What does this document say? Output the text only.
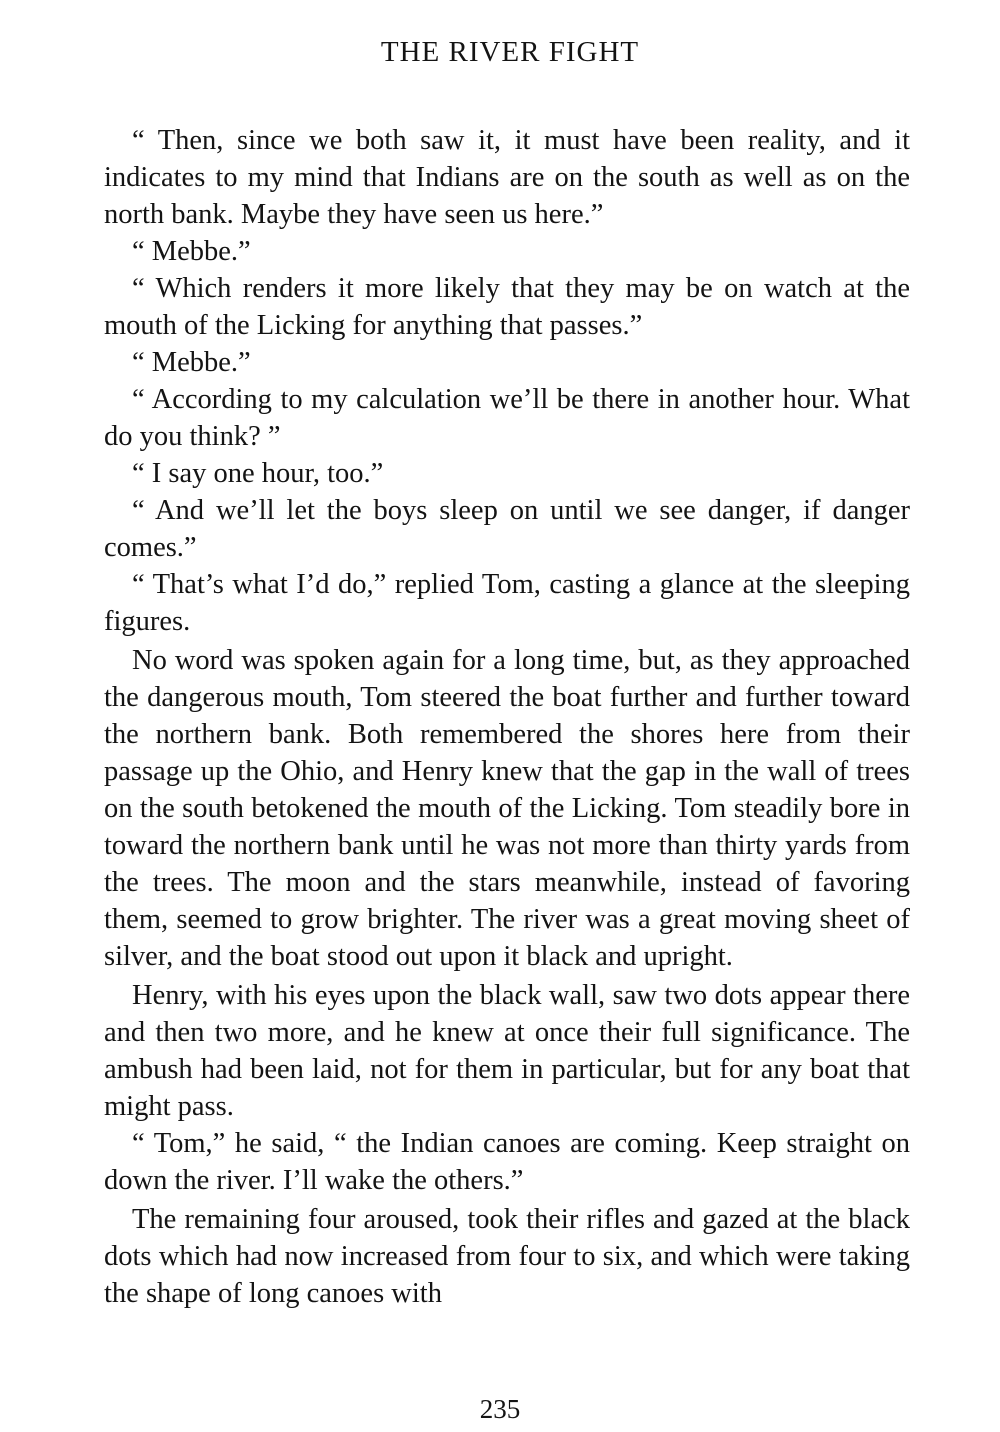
THE RIVER FIGHT

“ Then, since we both saw it, it must have been reality, and it indicates to my mind that Indians are on the south as well as on the north bank. Maybe they have seen us here.”

“ Mebbe.”

“ Which renders it more likely that they may be on watch at the mouth of the Licking for anything that passes.”

“ Mebbe.”

“ According to my calculation we’ll be there in another hour. What do you think? ”

“ I say one hour, too.”

“ And we’ll let the boys sleep on until we see danger, if danger comes.”

“ That’s what I’d do,” replied Tom, casting a glance at the sleeping figures.

No word was spoken again for a long time, but, as they approached the dangerous mouth, Tom steered the boat further and further toward the northern bank. Both remembered the shores here from their passage up the Ohio, and Henry knew that the gap in the wall of trees on the south betokened the mouth of the Licking. Tom steadily bore in toward the northern bank until he was not more than thirty yards from the trees. The moon and the stars meanwhile, instead of favoring them, seemed to grow brighter. The river was a great moving sheet of silver, and the boat stood out upon it black and upright.

Henry, with his eyes upon the black wall, saw two dots appear there and then two more, and he knew at once their full significance. The ambush had been laid, not for them in particular, but for any boat that might pass.

“ Tom,” he said, “ the Indian canoes are coming. Keep straight on down the river. I’ll wake the others.”

The remaining four aroused, took their rifles and gazed at the black dots which had now increased from four to six, and which were taking the shape of long canoes with

235
